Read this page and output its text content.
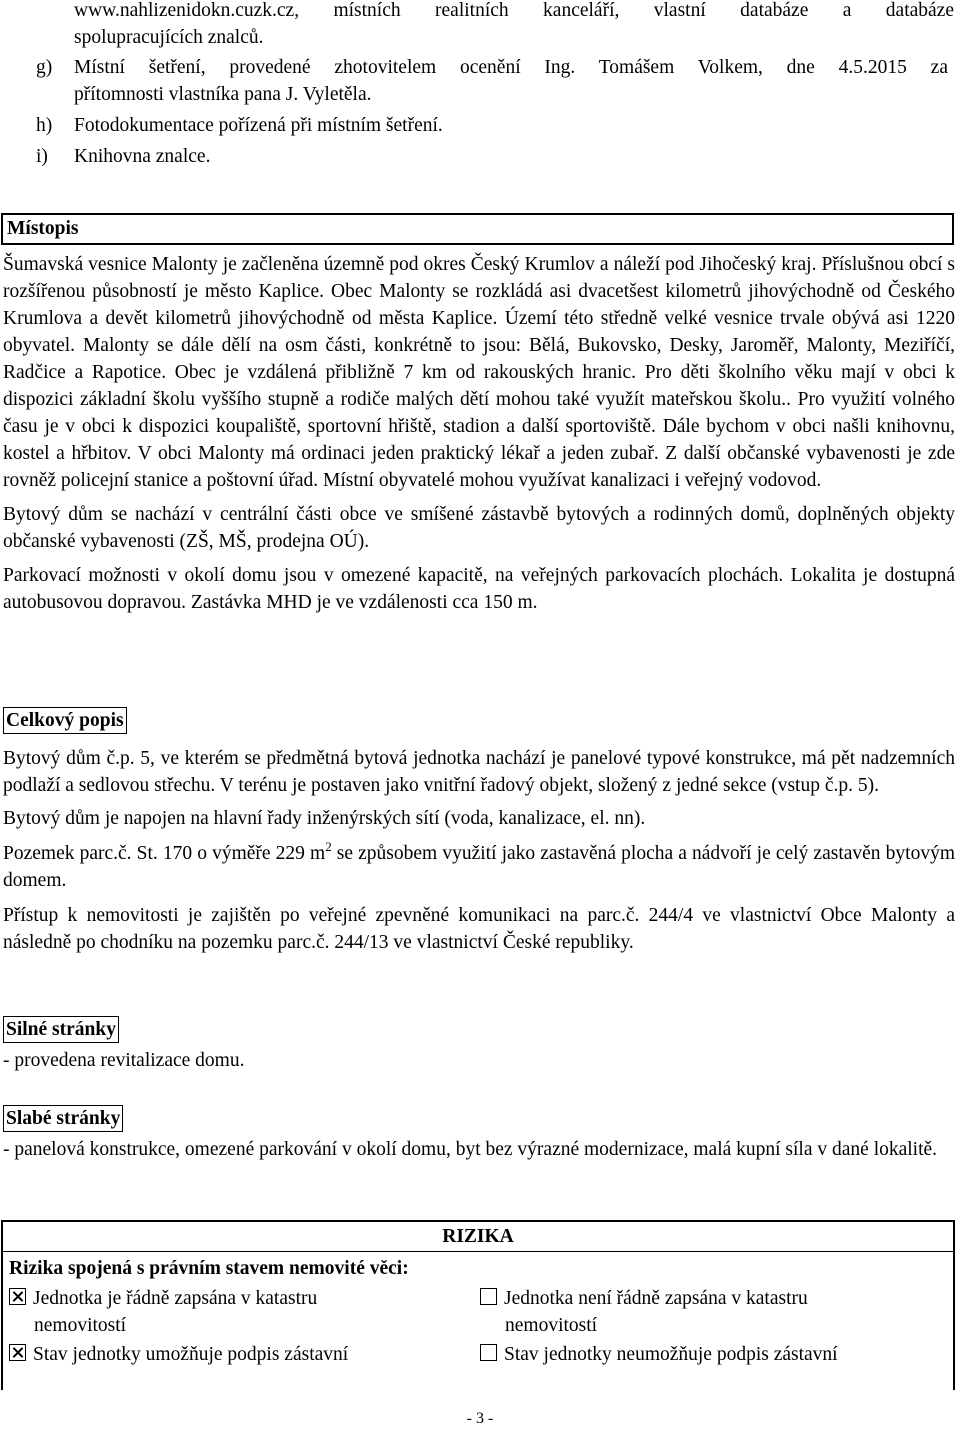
www.nahlizenidokn.cuzk.cz, místních realitních kanceláří, vlastní databáze a databáze

spolupracujících znalců.

g) Místní šetření, provedené zhotovitelem ocenění Ing. Tomášem Volkem, dne 4.5.2015 za

přítomnosti vlastníka pana J. Vyletěla.

h) Fotodokumentace pořízená při místním šetření.

i) Knihovna znalce.

Místopis

Šumavská vesnice Malonty je začleněna územně pod okres Český Krumlov a náleží pod Jihočeský kraj. Příslušnou obcí s rozšířenou působností je město Kaplice. Obec Malonty se rozkládá asi dvacetšest kilometrů jihovýchodně od Českého Krumlova a devět kilometrů jihovýchodně od města Kaplice. Území této středně velké vesnice trvale obývá asi 1220 obyvatel. Malonty se dále dělí na osm části, konkrétně to jsou: Bělá, Bukovsko, Desky, Jaroměř, Malonty, Meziříčí, Radčice a Rapotice. Obec je vzdálená přibližně 7 km od rakouských hranic. Pro děti školního věku mají v obci k dispozici základní školu vyššího stupně a rodiče malých dětí mohou také využít mateřskou školu.. Pro využití volného času je v obci k dispozici koupaliště, sportovní hřiště, stadion a další sportoviště. Dále bychom v obci našli knihovnu, kostel a hřbitov. V obci Malonty má ordinaci jeden praktický lékař a jeden zubař. Z další občanské vybavenosti je zde rovněž policejní stanice a poštovní úřad. Místní obyvatelé mohou využívat kanalizaci i veřejný vodovod.

Bytový dům se nachází v centrální části obce ve smíšené zástavbě bytových a rodinných domů, doplněných objekty občanské vybavenosti (ZŠ, MŠ, prodejna OÚ).

Parkovací možnosti v okolí domu jsou v omezené kapacitě, na veřejných parkovacích plochách. Lokalita je dostupná autobusovou dopravou. Zastávka MHD je ve vzdálenosti cca 150 m.

Celkový popis

Bytový dům č.p. 5, ve kterém se předmětná bytová jednotka nachází je panelové typové konstrukce, má pět nadzemních podlaží a sedlovou střechu. V terénu je postaven jako vnitřní řadový objekt, složený z jedné sekce (vstup č.p. 5).

Bytový dům je napojen na hlavní řady inženýrských sítí (voda, kanalizace, el. nn).

Pozemek parc.č. St. 170 o výměře 229 $m^2$ se způsobem využití jako zastavěná plocha a nádvoří je celý zastavěn bytovým domem.

Přístup k nemovitosti je zajištěn po veřejné zpevněné komunikaci na parc.č. 244/4 ve vlastnictví Obce Malonty a následně po chodníku na pozemku parc.č. 244/13 ve vlastnictví České republiky.

Silné stránky

- provedena revitalizace domu.

Slabé stránky

- panelová konstrukce, omezené parkování v okolí domu, byt bez výrazné modernizace, malá kupní síla v dané lokalitě.

RIZIKA
Rizika spojená s právním stavem nemovité věci:
Jednotka je řádně zapsána v katastru
nemovitostí
Jednotka není řádně zapsána v katastru
nemovitostí
Stav jednotky umožňuje podpis zástavní	Stav jednotky neumožňuje podpis zástavní
- 3 -
